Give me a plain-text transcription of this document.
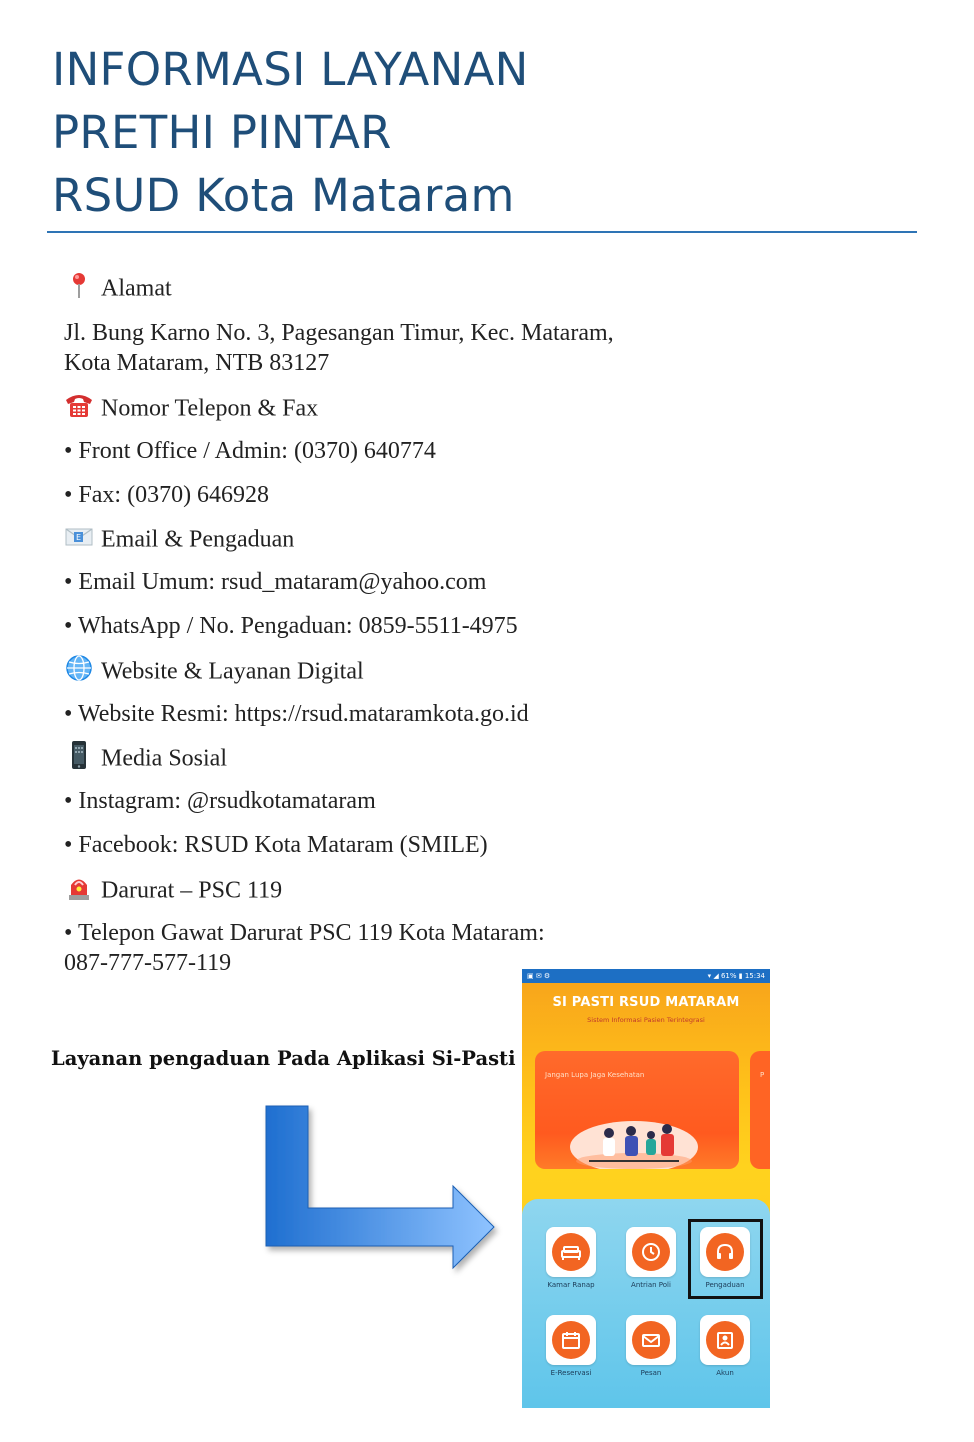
INFORMASI LAYANAN
PRETHI PINTAR
RSUD Kota Mataram
Alamat
Jl. Bung Karno No. 3, Pagesangan Timur, Kec. Mataram,
Kota Mataram, NTB 83127
Nomor Telepon & Fax
• Front Office / Admin: (0370) 640774
• Fax: (0370) 646928
E Email & Pengaduan
• Email Umum: rsud_mataram@yahoo.com
• WhatsApp / No. Pengaduan: 0859-5511-4975
Website & Layanan Digital
• Website Resmi: https://rsud.mataramkota.go.id
Media Sosial
• Instagram: @rsudkotamataram
• Facebook: RSUD Kota Mataram (SMILE)
Darurat – PSC 119
• Telepon Gawat Darurat PSC 119 Kota Mataram:
087-777-577-119
Layanan pengaduan Pada Aplikasi Si-Pasti
▣ ✉ ⚙	▾ ◢ 61% ▮ 15:34
SI PASTI RSUD MATARAM
Sistem Informasi Pasien Terintegrasi
Jangan Lupa Jaga Kesehatan	P
Kamar Ranap	Antrian Poli	Pengaduan
E-Reservasi	Pesan	Akun
